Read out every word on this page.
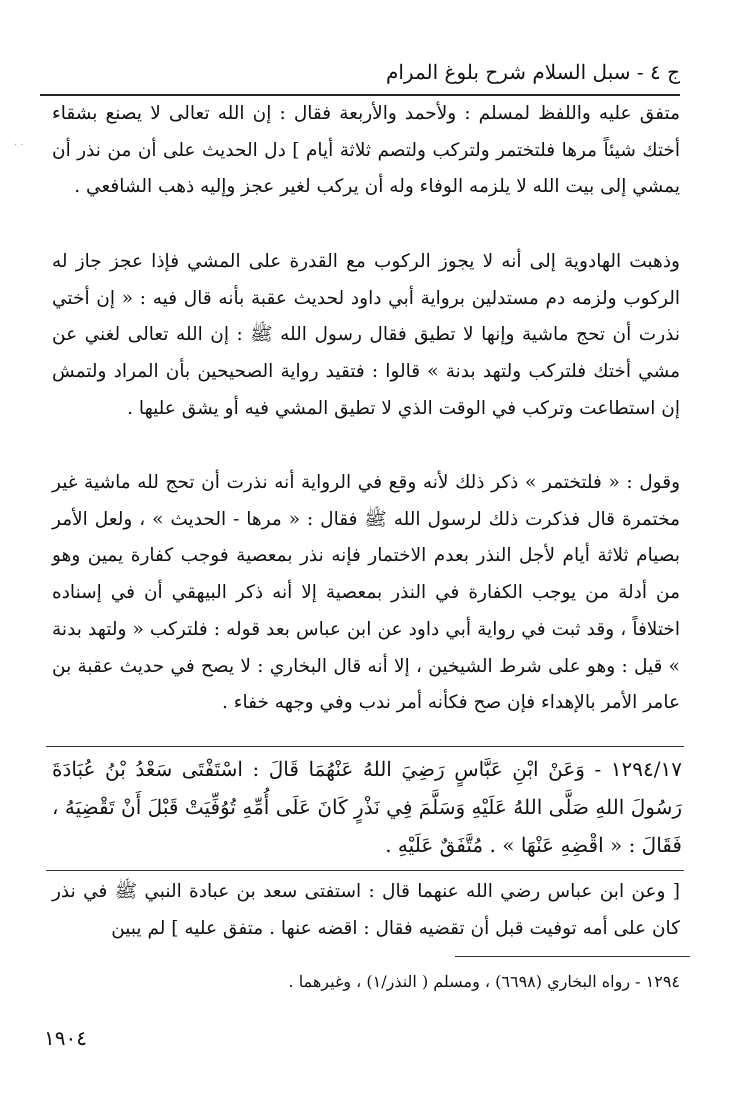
ج ٤ - سبل السلام شرح بلوغ المرام
متفق عليه واللفظ لمسلم : ولأحمد والأربعة فقال : إن الله تعالى لا يصنع بشقاء أختك شيئاً مرها فلتختمر ولتركب ولتصم ثلاثة أيام ] دل الحديث على أن من نذر أن يمشي إلى بيت الله لا يلزمه الوفاء وله أن يركب لغير عجز وإليه ذهب الشافعي .
وذهبت الهادوية إلى أنه لا يجوز الركوب مع القدرة على المشي فإذا عجز جاز له الركوب ولزمه دم مستدلين برواية أبي داود لحديث عقبة بأنه قال فيه : « إن أختي نذرت أن تحج ماشية وإنها لا تطيق فقال رسول الله ﷺ : إن الله تعالى لغني عن مشي أختك فلتركب ولتهد بدنة » قالوا : فتقيد رواية الصحيحين بأن المراد ولتمش إن استطاعت وتركب في الوقت الذي لا تطيق المشي فيه أو يشق عليها .
وقول : « فلتختمر » ذكر ذلك لأنه وقع في الرواية أنه نذرت أن تحج لله ماشية غير مختمرة قال فذكرت ذلك لرسول الله ﷺ فقال : « مرها - الحديث » ، ولعل الأمر بصيام ثلاثة أيام لأجل النذر بعدم الاختمار فإنه نذر بمعصية فوجب كفارة يمين وهو من أدلة من يوجب الكفارة في النذر بمعصية إلا أنه ذكر البيهقي أن في إسناده اختلافاً ، وقد ثبت في رواية أبي داود عن ابن عباس بعد قوله : فلتركب « ولتهد بدنة » قيل : وهو على شرط الشيخين ، إلا أنه قال البخاري : لا يصح في حديث عقبة بن عامر الأمر بالإهداء فإن صح فكأنه أمر ندب وفي وجهه خفاء .
١٢٩٤/١٧ - وَعَنْ ابْنِ عَبَّاسٍ رَضِيَ اللهُ عَنْهُمَا قَالَ : اسْتَفْتَى سَعْدُ بْنُ عُبَادَةَ رَسُولَ اللهِ صَلَّى اللهُ عَلَيْهِ وَسَلَّمَ فِي نَذْرٍ كَانَ عَلَى أُمِّهِ تُوُفِّيَتْ قَبْلَ أَنْ تَقْضِيَهُ ، فَقَالَ : « اقْضِهِ عَنْهَا » . مُتَّفَقٌ عَلَيْهِ .
[ وعن ابن عباس رضي الله عنهما قال : استفتى سعد بن عبادة النبي ﷺ في نذر كان على أمه توفيت قبل أن تقضيه فقال : اقضه عنها . متفق عليه ] لم يبين
١٢٩٤ - رواه البخاري (٦٦٩٨) ، ومسلم ( النذر/١) ، وغيرهما .
١٩٠٤
· ·
